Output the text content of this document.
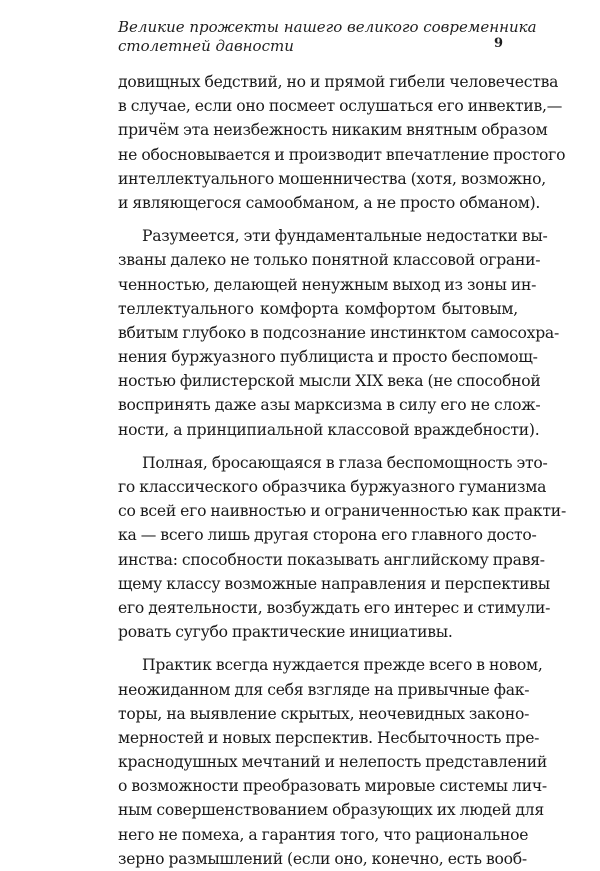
Великие прожекты нашего великого современника
столетней давности	9
довищных бедствий, но и прямой гибели человечества
в случае, если оно посмеет ослушаться его инвектив,—
причём эта неизбежность никаким внятным образом
не обосновывается и производит впечатление простого
интеллектуального мошенничества (хотя, возможно,
и являющегося самообманом, а не просто обманом).
Разумеется, эти фундаментальные недостатки вы-
званы далеко не только понятной классовой ограни-
ченностью, делающей ненужным выход из зоны ин-
теллектуального комфорта комфортом бытовым,
вбитым глубоко в подсознание инстинктом самосохра-
нения буржуазного публициста и просто беспомощ-
ностью филистерской мысли XIX века (не способной
воспринять даже азы марксизма в силу его не слож-
ности, а принципиальной классовой враждебности).
Полная, бросающаяся в глаза беспомощность это-
го классического образчика буржуазного гуманизма
со всей его наивностью и ограниченностью как практи-
ка — всего лишь другая сторона его главного досто-
инства: способности показывать английскому правя-
щему классу возможные направления и перспективы
его деятельности, возбуждать его интерес и стимули-
ровать сугубо практические инициативы.
Практик всегда нуждается прежде всего в новом,
неожиданном для себя взгляде на привычные фак-
торы, на выявление скрытых, неочевидных законо-
мерностей и новых перспектив. Несбыточность пре-
краснодушных мечтаний и нелепость представлений
о возможности преобразовать мировые системы лич-
ным совершенствованием образующих их людей для
него не помеха, а гарантия того, что рациональное
зерно размышлений (если оно, конечно, есть вооб-
